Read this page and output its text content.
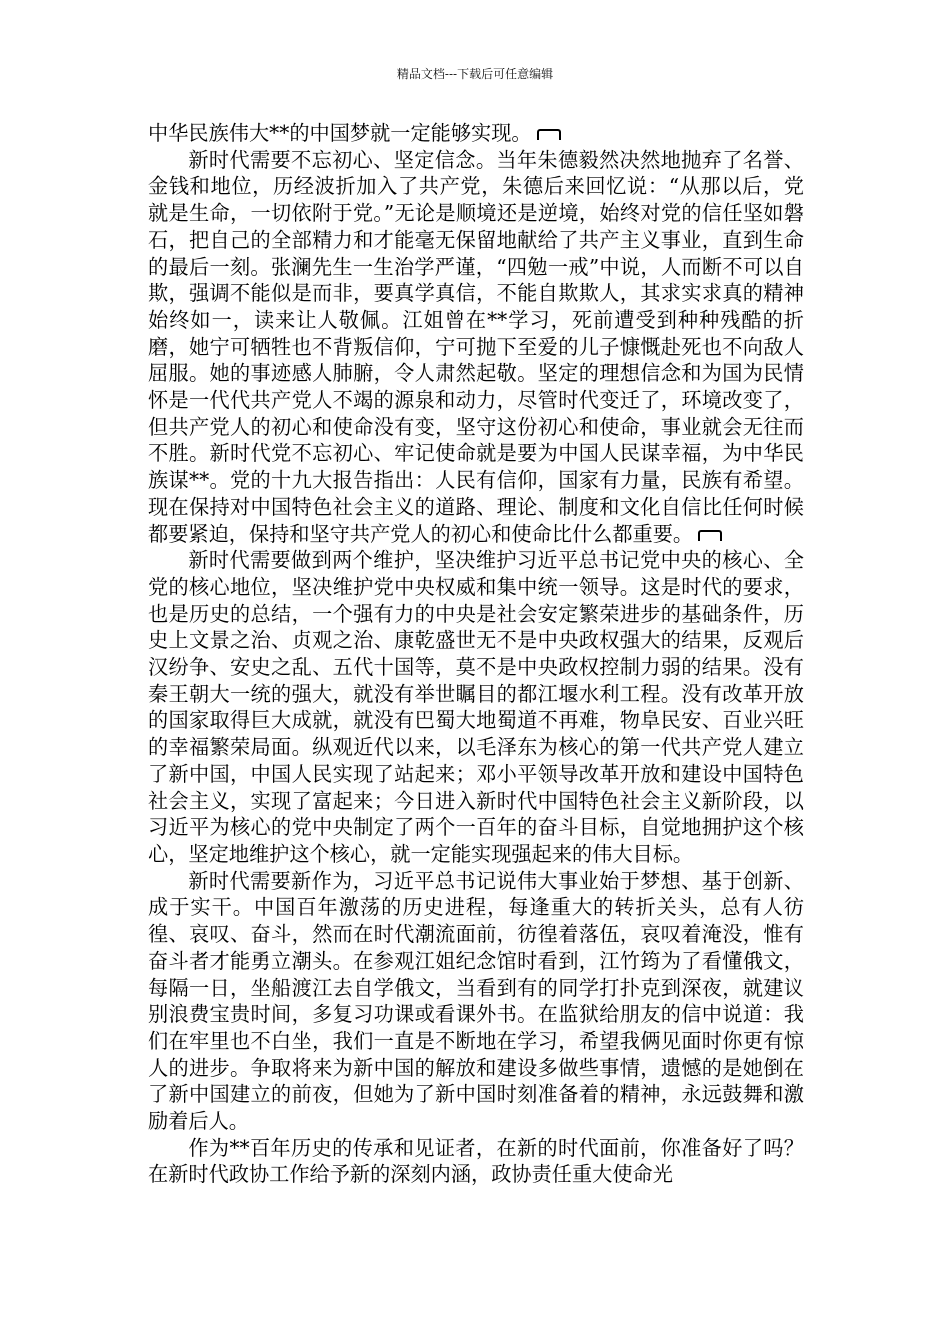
精品文档---下载后可任意编辑

中华民族伟大**的中国梦就一定能够实现。

新时代需要不忘初心、坚定信念。当年朱德毅然决然地抛弃了名誉、金钱和地位，历经波折加入了共产党，朱德后来回忆说：“从那以后，党就是生命，一切依附于党。”无论是顺境还是逆境，始终对党的信任坚如磐石，把自己的全部精力和才能毫无保留地献给了共产主义事业，直到生命的最后一刻。张澜先生一生治学严谨，“四勉一戒”中说，人而断不可以自欺，强调不能似是而非，要真学真信，不能自欺欺人，其求实求真的精神始终如一，读来让人敬佩。江姐曾在**学习，死前遭受到种种残酷的折磨，她宁可牺牲也不背叛信仰，宁可抛下至爱的儿子慷慨赴死也不向敌人屈服。她的事迹感人肺腑，令人肃然起敬。坚定的理想信念和为国为民情怀是一代代共产党人不竭的源泉和动力，尽管时代变迁了，环境改变了，但共产党人的初心和使命没有变，坚守这份初心和使命，事业就会无往而不胜。新时代党不忘初心、牢记使命就是要为中国人民谋幸福，为中华民族谋**。党的十九大报告指出：人民有信仰，国家有力量，民族有希望。现在保持对中国特色社会主义的道路、理论、制度和文化自信比任何时候都要紧迫，保持和坚守共产党人的初心和使命比什么都重要。

新时代需要做到两个维护，坚决维护习近平总书记党中央的核心、全党的核心地位，坚决维护党中央权威和集中统一领导。这是时代的要求，也是历史的总结，一个强有力的中央是社会安定繁荣进步的基础条件，历史上文景之治、贞观之治、康乾盛世无不是中央政权强大的结果，反观后汉纷争、安史之乱、五代十国等，莫不是中央政权控制力弱的结果。没有秦王朝大一统的强大，就没有举世瞩目的都江堰水利工程。没有改革开放的国家取得巨大成就，就没有巴蜀大地蜀道不再难，物阜民安、百业兴旺的幸福繁荣局面。纵观近代以来，以毛泽东为核心的第一代共产党人建立了新中国，中国人民实现了站起来；邓小平领导改革开放和建设中国特色社会主义，实现了富起来；今日进入新时代中国特色社会主义新阶段，以习近平为核心的党中央制定了两个一百年的奋斗目标，自觉地拥护这个核心，坚定地维护这个核心，就一定能实现强起来的伟大目标。

新时代需要新作为，习近平总书记说伟大事业始于梦想、基于创新、成于实干。中国百年激荡的历史进程，每逢重大的转折关头，总有人彷徨、哀叹、奋斗，然而在时代潮流面前，彷徨着落伍，哀叹着淹没，惟有奋斗者才能勇立潮头。在参观江姐纪念馆时看到，江竹筠为了看懂俄文，每隔一日，坐船渡江去自学俄文，当看到有的同学打扑克到深夜，就建议别浪费宝贵时间，多复习功课或看课外书。在监狱给朋友的信中说道：我们在牢里也不白坐，我们一直是不断地在学习，希望我俩见面时你更有惊人的进步。争取将来为新中国的解放和建设多做些事情，遗憾的是她倒在了新中国建立的前夜，但她为了新中国时刻准备着的精神，永远鼓舞和激励着后人。

作为**百年历史的传承和见证者，在新的时代面前，你准备好了吗？在新时代政协工作给予新的深刻内涵，政协责任重大使命光
